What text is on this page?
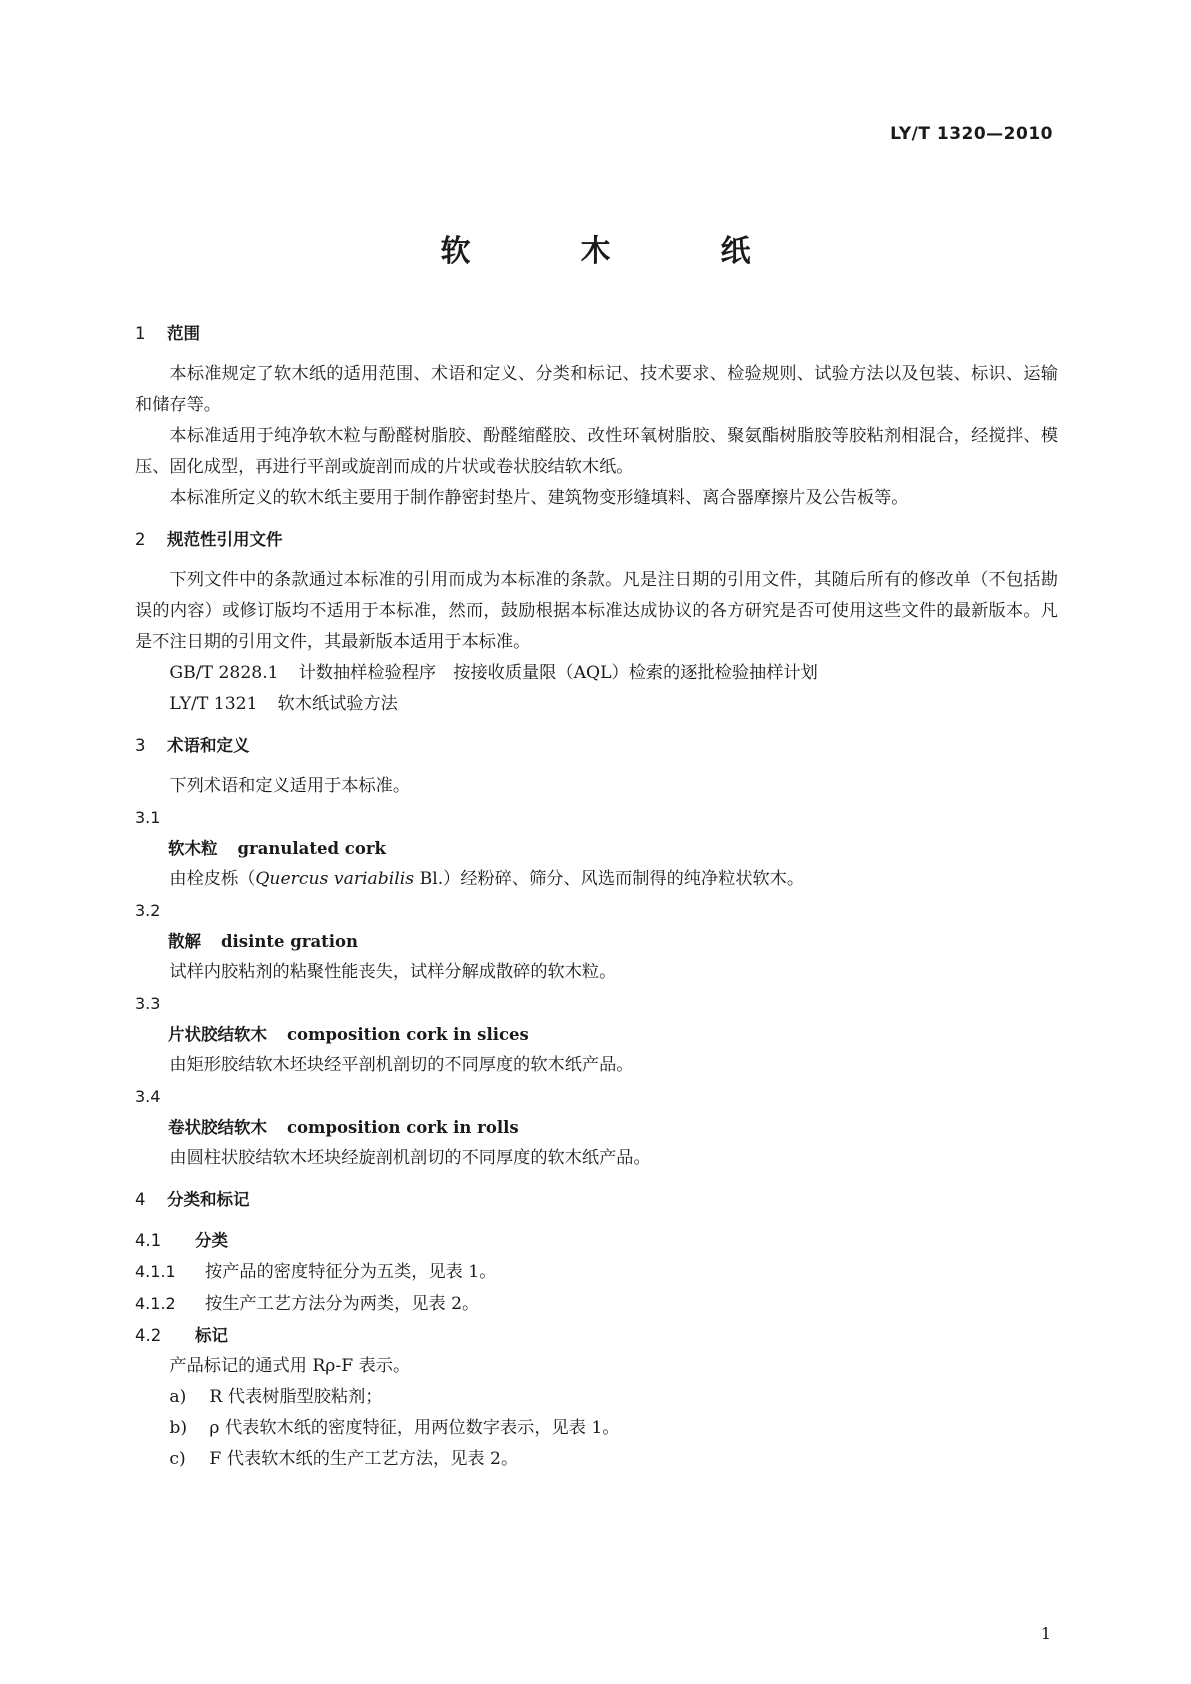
LY/T 1320—2010
软　木　纸
1 范围
本标准规定了软木纸的适用范围、术语和定义、分类和标记、技术要求、检验规则、试验方法以及包装、标识、运输和储存等。
本标准适用于纯净软木粒与酚醛树脂胶、酚醛缩醛胶、改性环氧树脂胶、聚氨酯树脂胶等胶粘剂相混合，经搅拌、模压、固化成型，再进行平剖或旋剖而成的片状或卷状胶结软木纸。
本标准所定义的软木纸主要用于制作静密封垫片、建筑物变形缝填料、离合器摩擦片及公告板等。
2 规范性引用文件
下列文件中的条款通过本标准的引用而成为本标准的条款。凡是注日期的引用文件，其随后所有的修改单（不包括勘误的内容）或修订版均不适用于本标准，然而，鼓励根据本标准达成协议的各方研究是否可使用这些文件的最新版本。凡是不注日期的引用文件，其最新版本适用于本标准。
GB/T 2828.1 计数抽样检验程序　按接收质量限（AQL）检索的逐批检验抽样计划
LY/T 1321 软木纸试验方法
3 术语和定义
下列术语和定义适用于本标准。
3.1
软木粒 granulated cork
由栓皮栎（Quercus variabilis Bl.）经粉碎、筛分、风选而制得的纯净粒状软木。
3.2
散解 disinte gration
试样内胶粘剂的粘聚性能丧失，试样分解成散碎的软木粒。
3.3
片状胶结软木 composition cork in slices
由矩形胶结软木坯块经平剖机剖切的不同厚度的软木纸产品。
3.4
卷状胶结软木 composition cork in rolls
由圆柱状胶结软木坯块经旋剖机剖切的不同厚度的软木纸产品。
4 分类和标记
4.1 分类
4.1.1 按产品的密度特征分为五类，见表 1。
4.1.2 按生产工艺方法分为两类，见表 2。
4.2 标记
产品标记的通式用 Rρ-F 表示。
a) R 代表树脂型胶粘剂；
b) ρ 代表软木纸的密度特征，用两位数字表示，见表 1。
c) F 代表软木纸的生产工艺方法，见表 2。
1
